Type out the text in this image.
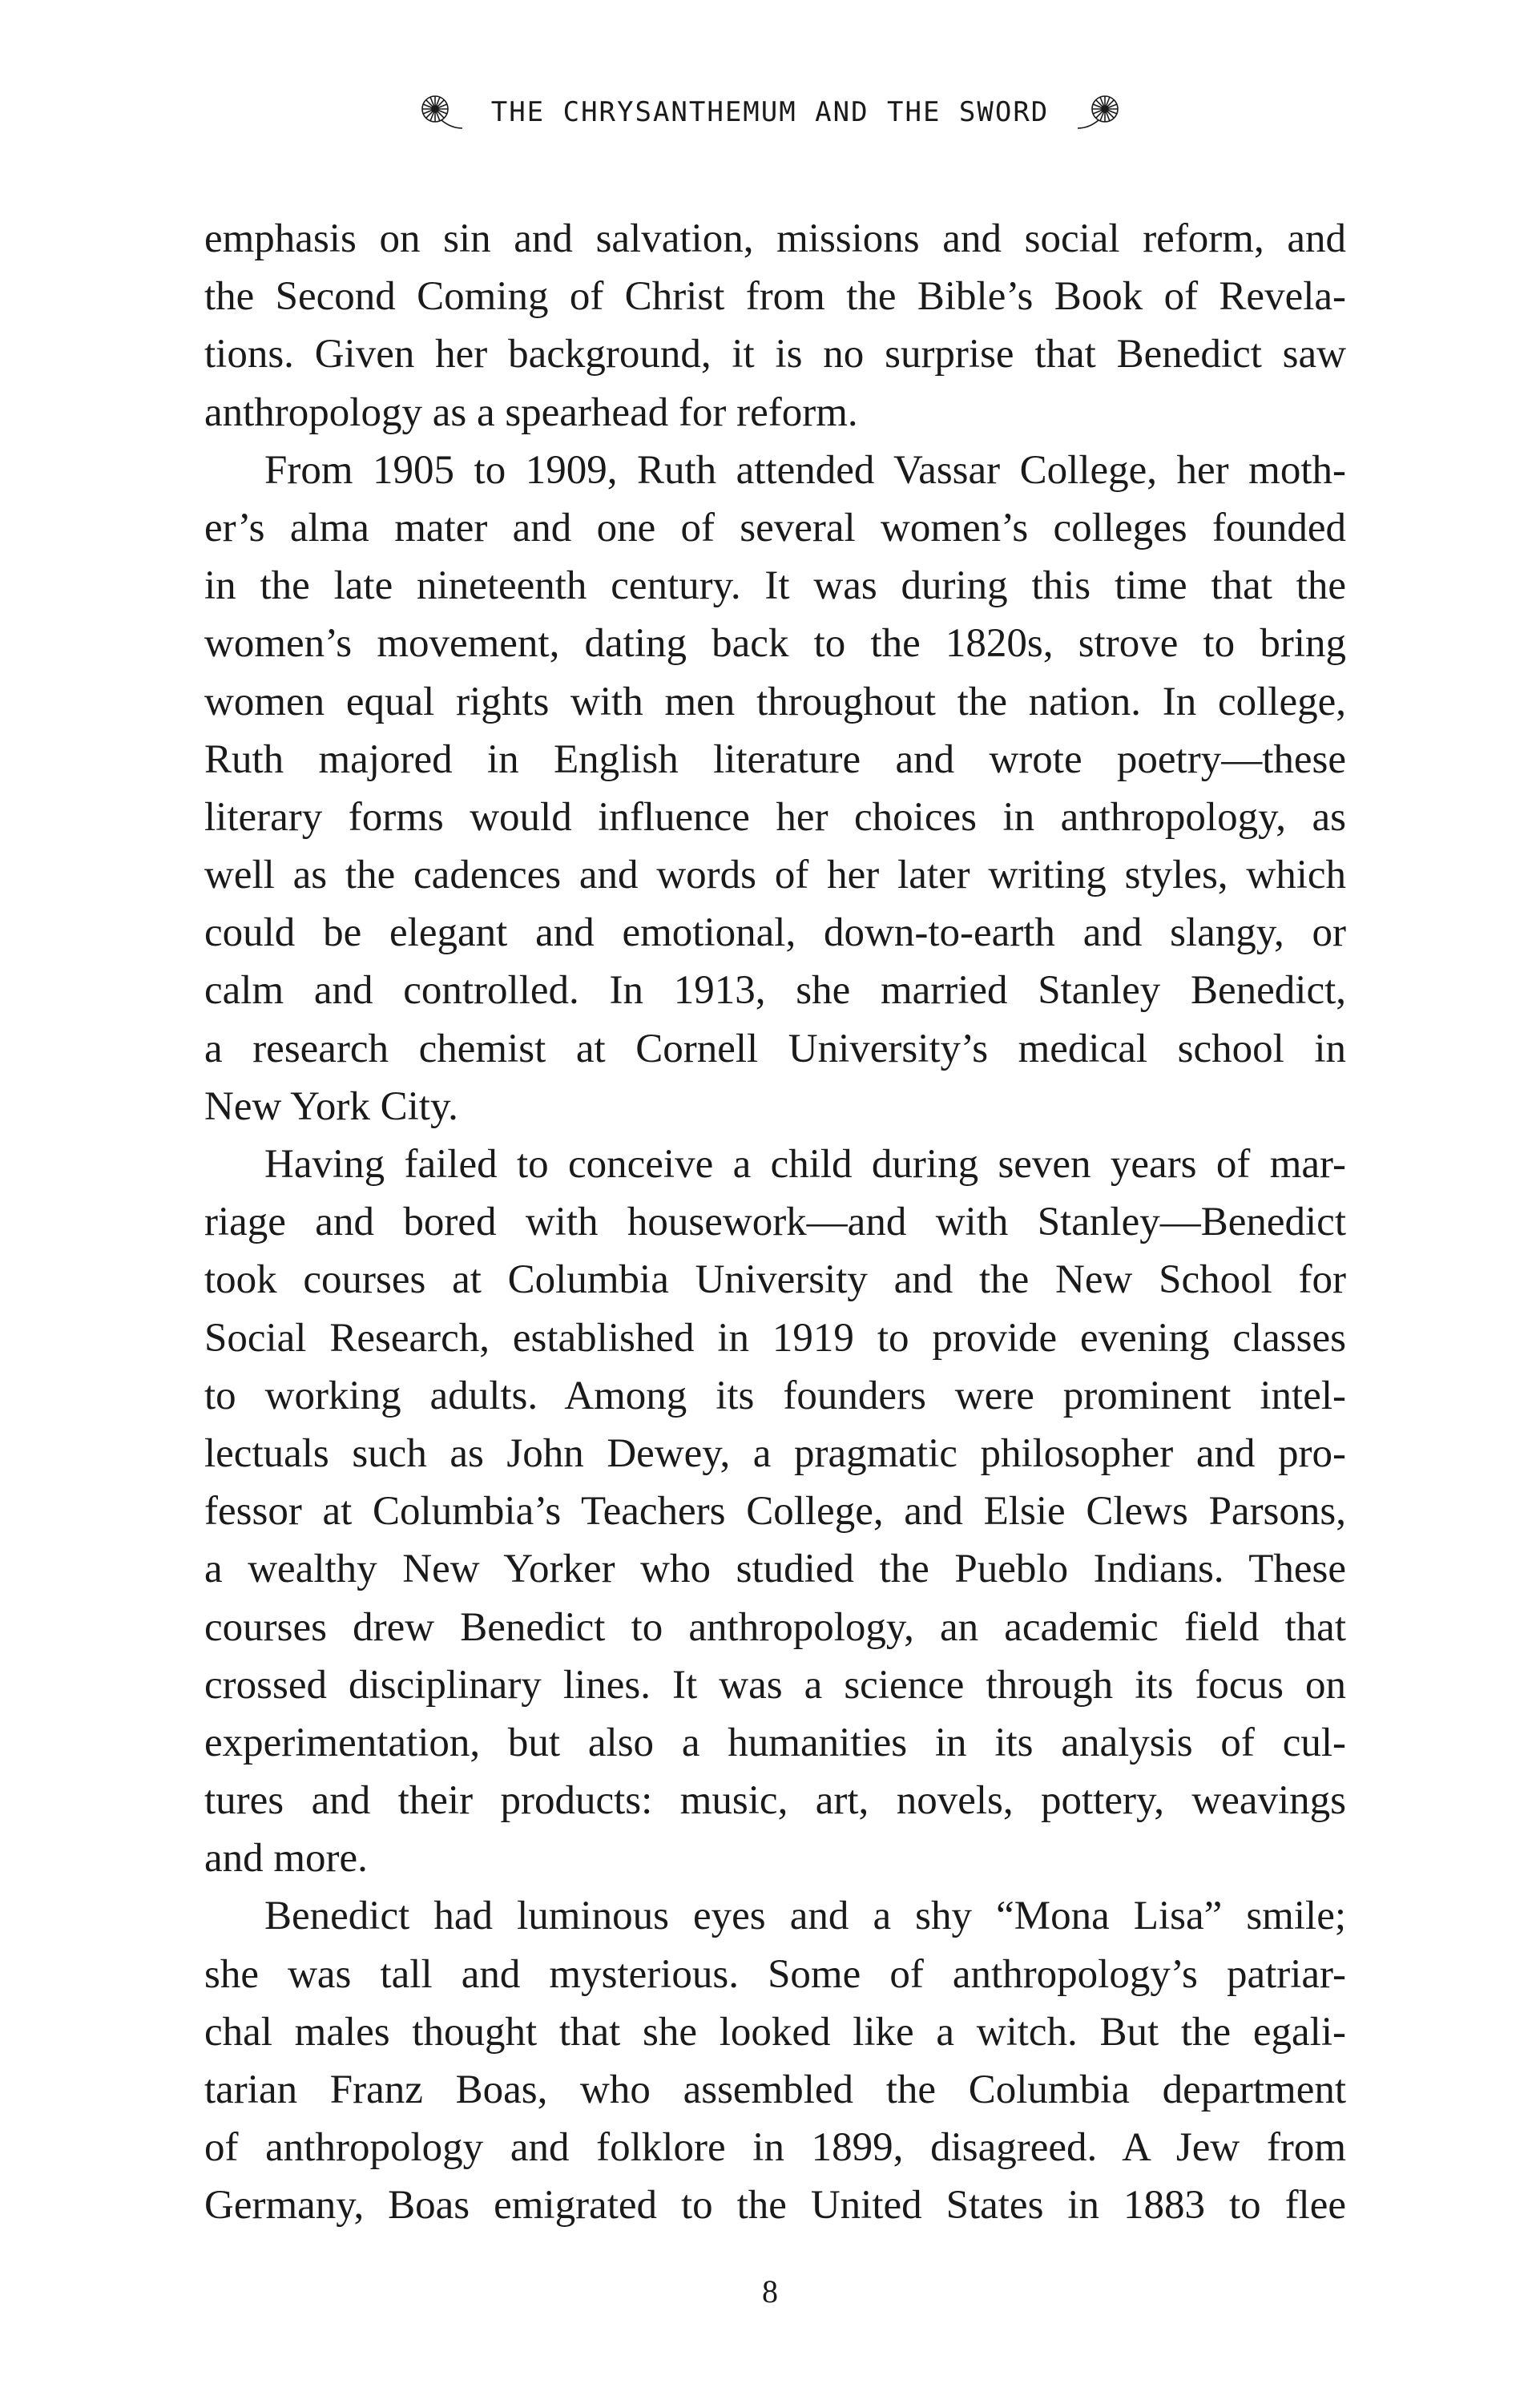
THE CHRYSANTHEMUM AND THE SWORD
emphasis on sin and salvation, missions and social reform, and
the Second Coming of Christ from the Bible’s Book of Revela-
tions. Given her background, it is no surprise that Benedict saw
anthropology as a spearhead for reform.
From 1905 to 1909, Ruth attended Vassar College, her moth-
er’s alma mater and one of several women’s colleges founded
in the late nineteenth century. It was during this time that the
women’s movement, dating back to the 1820s, strove to bring
women equal rights with men throughout the nation. In college,
Ruth majored in English literature and wrote poetry—these
literary forms would influence her choices in anthropology, as
well as the cadences and words of her later writing styles, which
could be elegant and emotional, down-to-earth and slangy, or
calm and controlled. In 1913, she married Stanley Benedict,
a research chemist at Cornell University’s medical school in
New York City.
Having failed to conceive a child during seven years of mar-
riage and bored with housework—and with Stanley—Benedict
took courses at Columbia University and the New School for
Social Research, established in 1919 to provide evening classes
to working adults. Among its founders were prominent intel-
lectuals such as John Dewey, a pragmatic philosopher and pro-
fessor at Columbia’s Teachers College, and Elsie Clews Parsons,
a wealthy New Yorker who studied the Pueblo Indians. These
courses drew Benedict to anthropology, an academic field that
crossed disciplinary lines. It was a science through its focus on
experimentation, but also a humanities in its analysis of cul-
tures and their products: music, art, novels, pottery, weavings
and more.
Benedict had luminous eyes and a shy “Mona Lisa” smile;
she was tall and mysterious. Some of anthropology’s patriar-
chal males thought that she looked like a witch. But the egali-
tarian Franz Boas, who assembled the Columbia department
of anthropology and folklore in 1899, disagreed. A Jew from
Germany, Boas emigrated to the United States in 1883 to flee
8
